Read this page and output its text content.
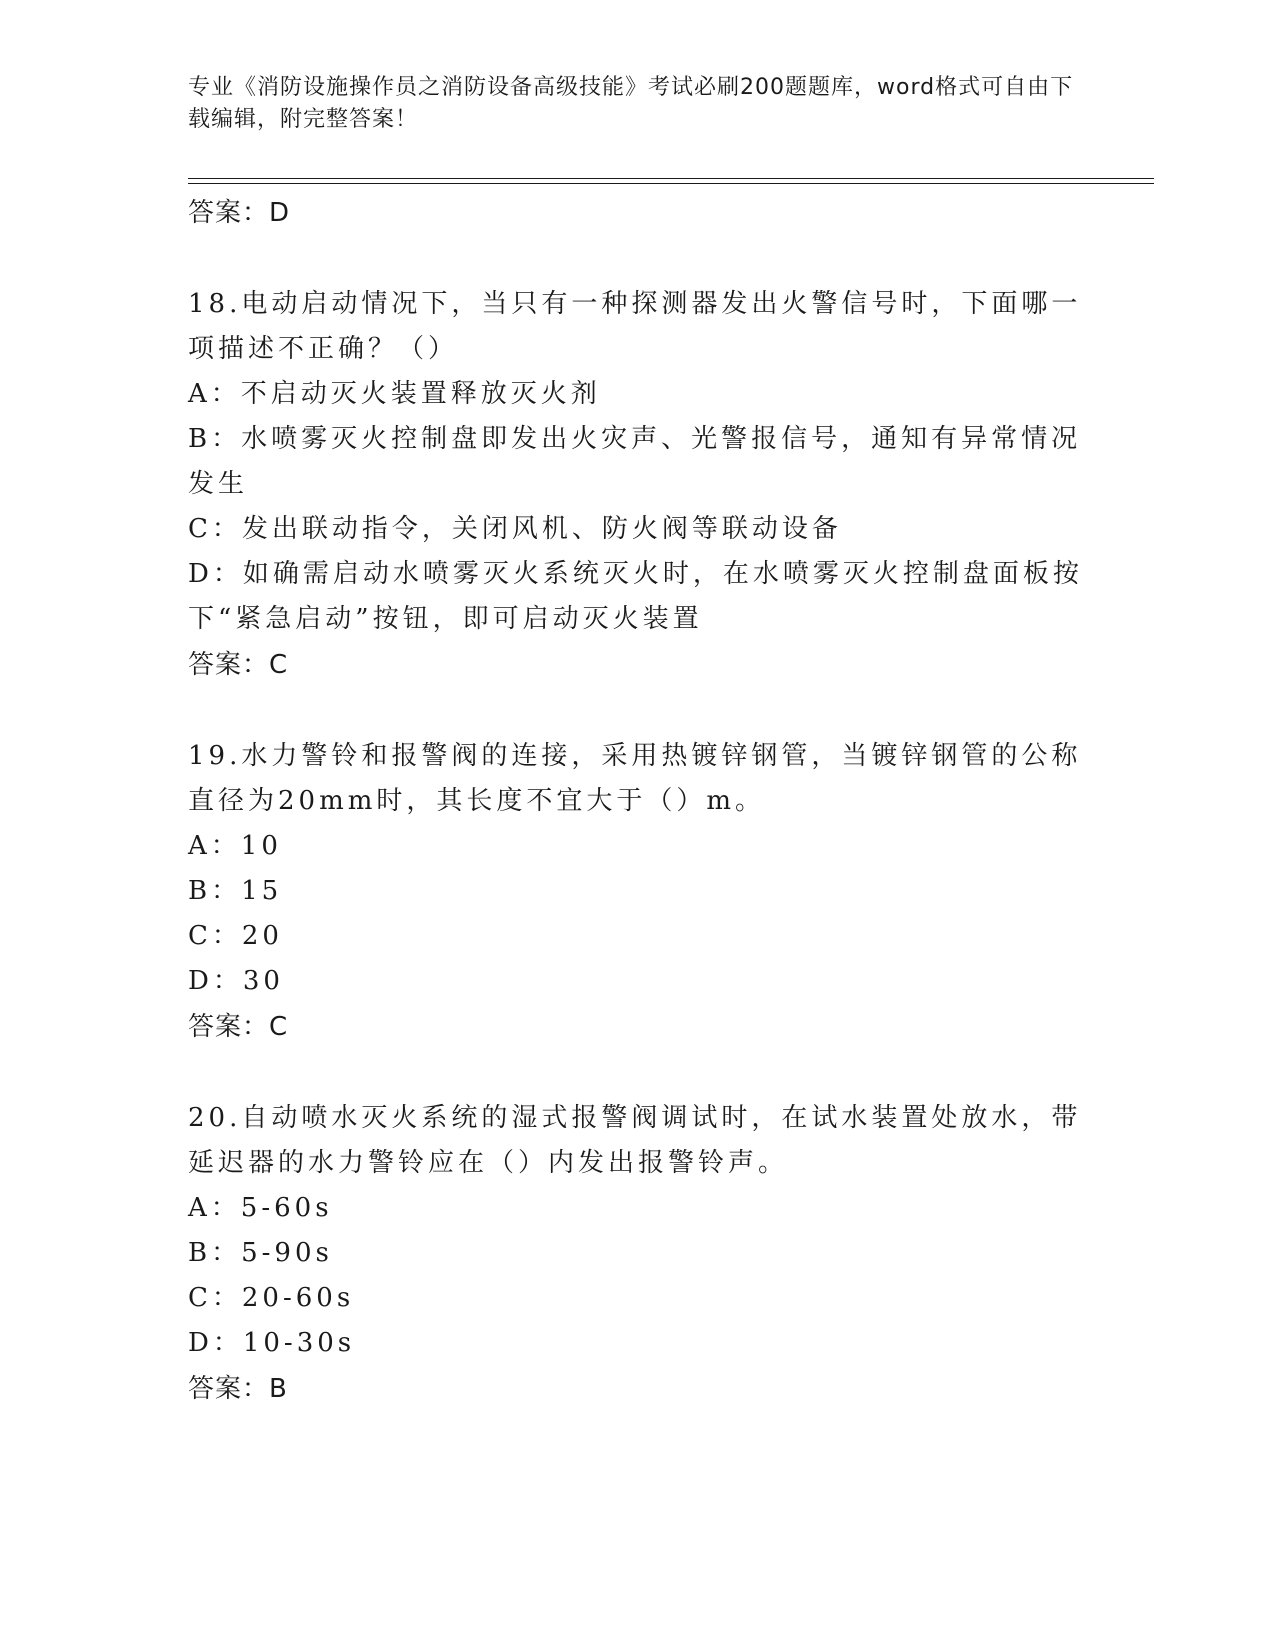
专业《消防设施操作员之消防设备高级技能》考试必刷200题题库，word格式可自由下载编辑，附完整答案！
答案：D
18.电动启动情况下，当只有一种探测器发出火警信号时，下面哪一项描述不正确？（）
A：不启动灭火装置释放灭火剂
B：水喷雾灭火控制盘即发出火灾声、光警报信号，通知有异常情况发生
C：发出联动指令，关闭风机、防火阀等联动设备
D：如确需启动水喷雾灭火系统灭火时，在水喷雾灭火控制盘面板按下“紧急启动”按钮，即可启动灭火装置
答案：C
19.水力警铃和报警阀的连接，采用热镀锌钢管，当镀锌钢管的公称直径为20mm时，其长度不宜大于（）m。
A：10
B：15
C：20
D：30
答案：C
20.自动喷水灭火系统的湿式报警阀调试时，在试水装置处放水，带延迟器的水力警铃应在（）内发出报警铃声。
A：5-60s
B：5-90s
C：20-60s
D：10-30s
答案：B
